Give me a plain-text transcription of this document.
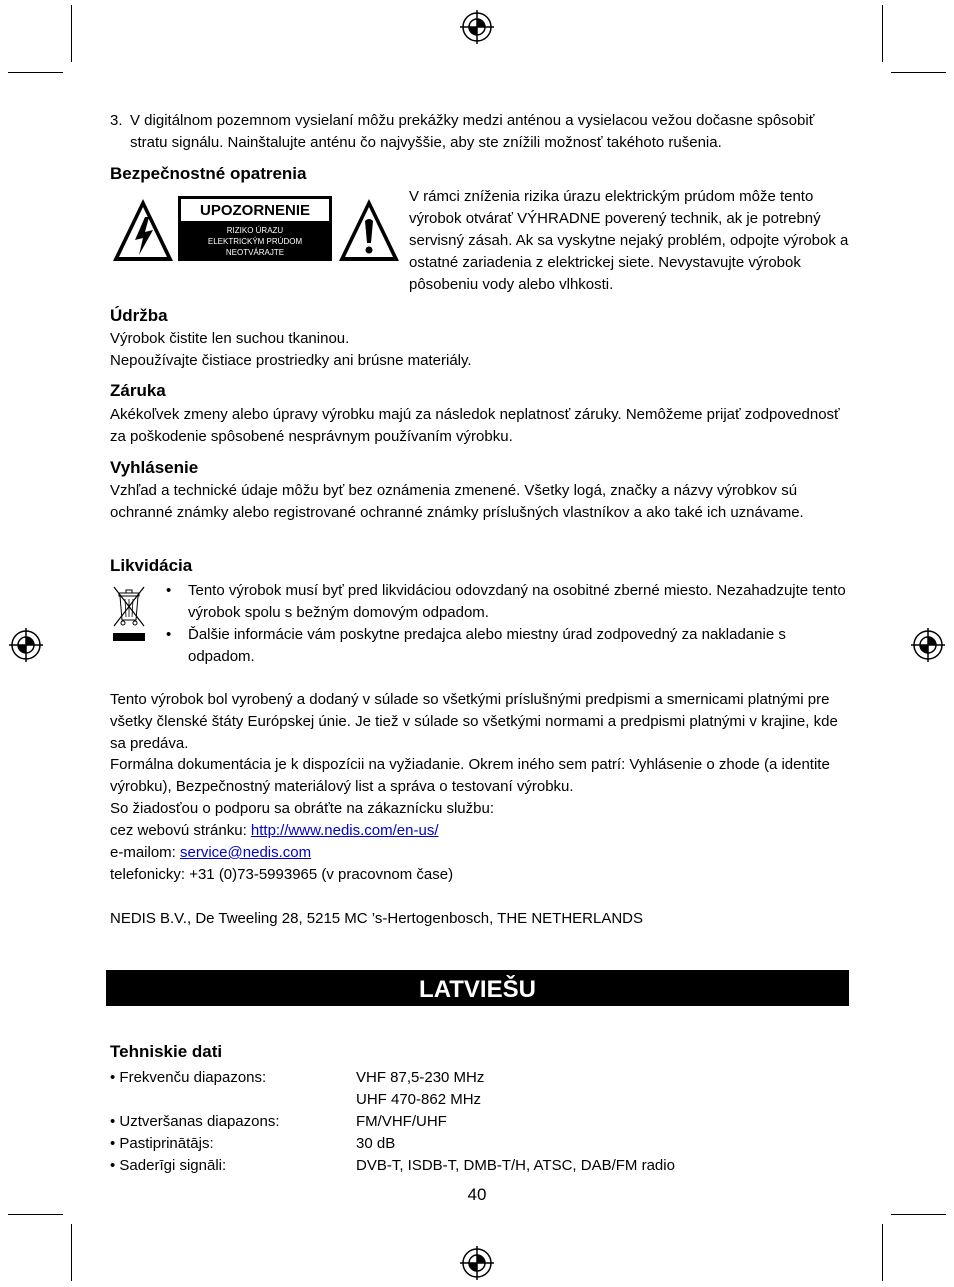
3. V digitálnom pozemnom vysielaní môžu prekážky medzi anténou a vysielacou vežou dočasne spôsobiť stratu signálu. Nainštalujte anténu čo najvyššie, aby ste znížili možnosť takéhoto rušenia.

Bezpečnostné opatrenia
UPOZORNENIE
RIZIKO ÚRAZU
ELEKTRICKÝM PRÚDOM
NEOTVÁRAJTE

V rámci zníženia rizika úrazu elektrickým prúdom môže tento výrobok otvárať VÝHRADNE poverený technik, ak je potrebný servisný zásah. Ak sa vyskytne nejaký problém, odpojte výrobok a ostatné zariadenia z elektrickej siete. Nevystavujte výrobok pôsobeniu vody alebo vlhkosti.

Údržba

Výrobok čistite len suchou tkaninou.

Nepoužívajte čistiace prostriedky ani brúsne materiály.

Záruka

Akékoľvek zmeny alebo úpravy výrobku majú za následok neplatnosť záruky. Nemôžeme prijať zodpovednosť za poškodenie spôsobené nesprávnym používaním výrobku.

Vyhlásenie

Vzhľad a technické údaje môžu byť bez oznámenia zmenené. Všetky logá, značky a názvy výrobkov sú ochranné známky alebo registrované ochranné známky príslušných vlastníkov a ako také ich uznávame.

Likvidácia
• Tento výrobok musí byť pred likvidáciou odovzdaný na osobitné zberné miesto. Nezahadzujte tento výrobok spolu s bežným domovým odpadom.
• Ďalšie informácie vám poskytne predajca alebo miestny úrad zodpovedný za nakladanie s odpadom.

Tento výrobok bol vyrobený a dodaný v súlade so všetkými príslušnými predpismi a smernicami platnými pre všetky členské štáty Európskej únie. Je tiež v súlade so všetkými normami a predpismi platnými v krajine, kde sa predáva.

Formálna dokumentácia je k dispozícii na vyžiadanie. Okrem iného sem patrí: Vyhlásenie o zhode (a identite výrobku), Bezpečnostný materiálový list a správa o testovaní výrobku.

So žiadosťou o podporu sa obráťte na zákaznícku službu:

cez webovú stránku: http://www.nedis.com/en-us/

e-mailom: service@nedis.com

telefonicky: +31 (0)73-5993965 (v pracovnom čase)

NEDIS B.V., De Tweeling 28, 5215 MC ’s-Hertogenbosch, THE NETHERLANDS

LATVIEŠU
Tehniskie dati
• Frekvenču diapazons:	VHF 87,5-230 MHz
UHF 470-862 MHz
• Uztveršanas diapazons:	FM/VHF/UHF
• Pastiprinātājs:	30 dB
• Saderīgi signāli:	DVB-T, ISDB-T, DMB-T/H, ATSC, DAB/FM radio
40
